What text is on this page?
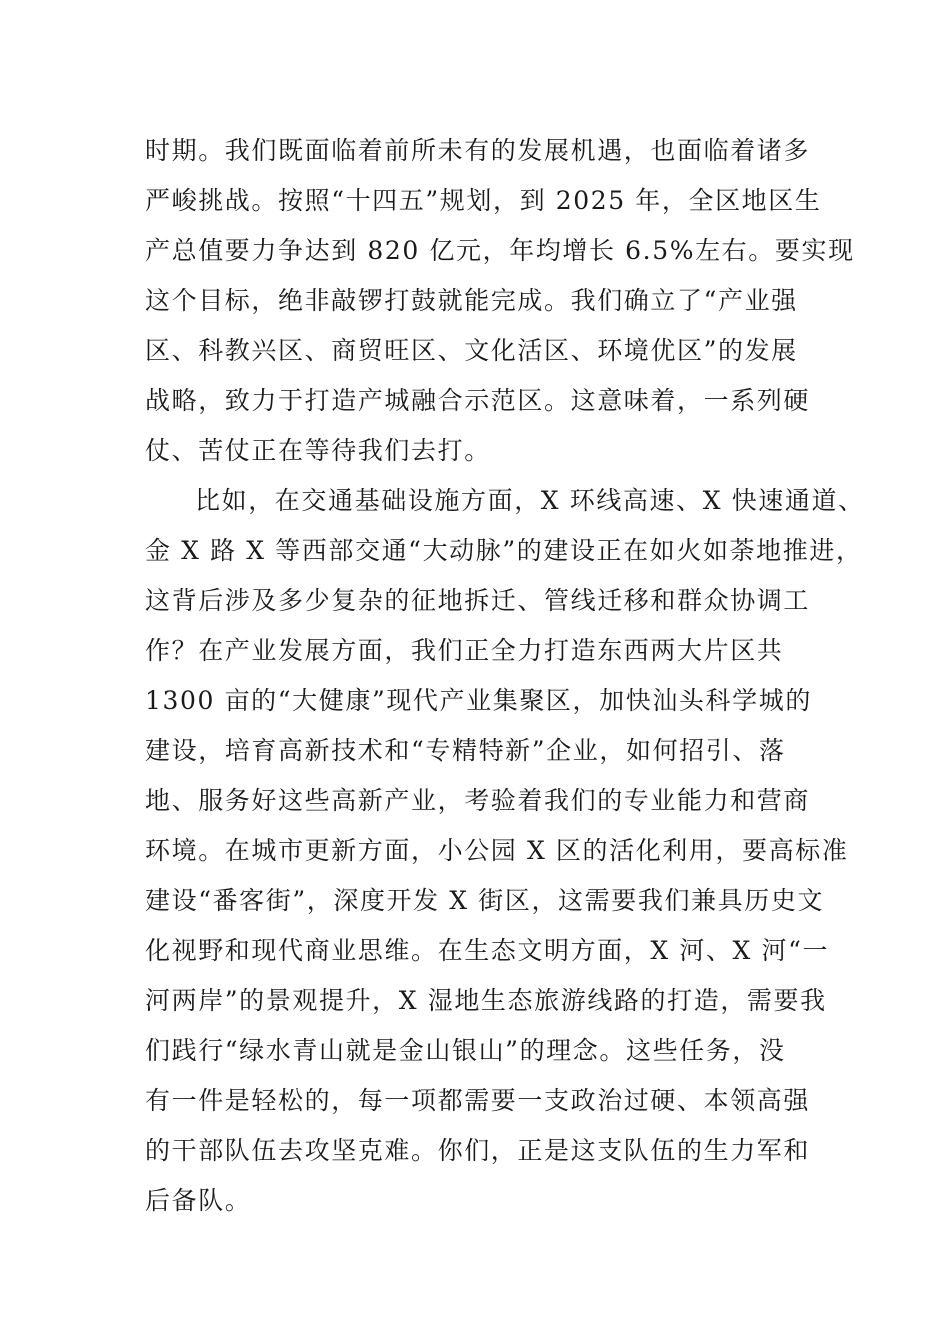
时期。我们既面临着前所未有的发展机遇，也面临着诸多
严峻挑战。按照“十四五”规划，到 2025 年，全区地区生
产总值要力争达到 820 亿元，年均增长 6.5%左右。要实现
这个目标，绝非敲锣打鼓就能完成。我们确立了“产业强
区、科教兴区、商贸旺区、文化活区、环境优区”的发展
战略，致力于打造产城融合示范区。这意味着，一系列硬
仗、苦仗正在等待我们去打。
比如，在交通基础设施方面，X 环线高速、X 快速通道、
金 X 路 X 等西部交通“大动脉”的建设正在如火如荼地推进，
这背后涉及多少复杂的征地拆迁、管线迁移和群众协调工
作？在产业发展方面，我们正全力打造东西两大片区共
1300 亩的“大健康”现代产业集聚区，加快汕头科学城的
建设，培育高新技术和“专精特新”企业，如何招引、落
地、服务好这些高新产业，考验着我们的专业能力和营商
环境。在城市更新方面，小公园 X 区的活化利用，要高标准
建设“番客街”，深度开发 X 街区，这需要我们兼具历史文
化视野和现代商业思维。在生态文明方面，X 河、X 河“一
河两岸”的景观提升，X 湿地生态旅游线路的打造，需要我
们践行“绿水青山就是金山银山”的理念。这些任务，没
有一件是轻松的，每一项都需要一支政治过硬、本领高强
的干部队伍去攻坚克难。你们，正是这支队伍的生力军和
后备队。
